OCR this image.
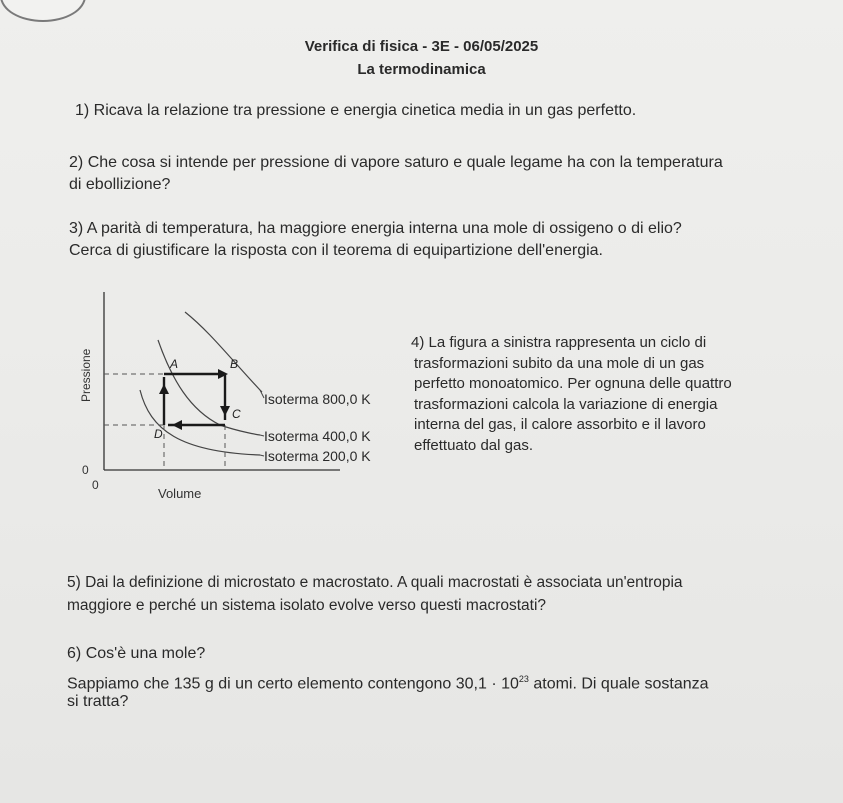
Verifica di fisica - 3E - 06/05/2025
La termodinamica
1) Ricava la relazione tra pressione e energia cinetica media in un gas perfetto.
2) Che cosa si intende per pressione di vapore saturo e quale legame ha con la temperatura
di ebollizione?
3) A parità di temperatura, ha maggiore energia interna una mole di ossigeno o di elio?
Cerca di giustificare la risposta con il teorema di equipartizione dell'energia.
Pressione
Volume
0
0
A	B
C
D
Isoterma 800,0 K
Isoterma 400,0 K
Isoterma 200,0 K
4) La figura a sinistra rappresenta un ciclo di
trasformazioni subito da una mole di un gas
perfetto monoatomico. Per ognuna delle quattro
trasformazioni calcola la variazione di energia
interna del gas, il calore assorbito e il lavoro
effettuato dal gas.
5) Dai la definizione di microstato e macrostato. A quali macrostati è associata un'entropia
maggiore e perché un sistema isolato evolve verso questi macrostati?
6) Cos'è una mole?
Sappiamo che 135 g di un certo elemento contengono $30,1 \cdot 10^{23}$ atomi. Di quale sostanza
si tratta?
